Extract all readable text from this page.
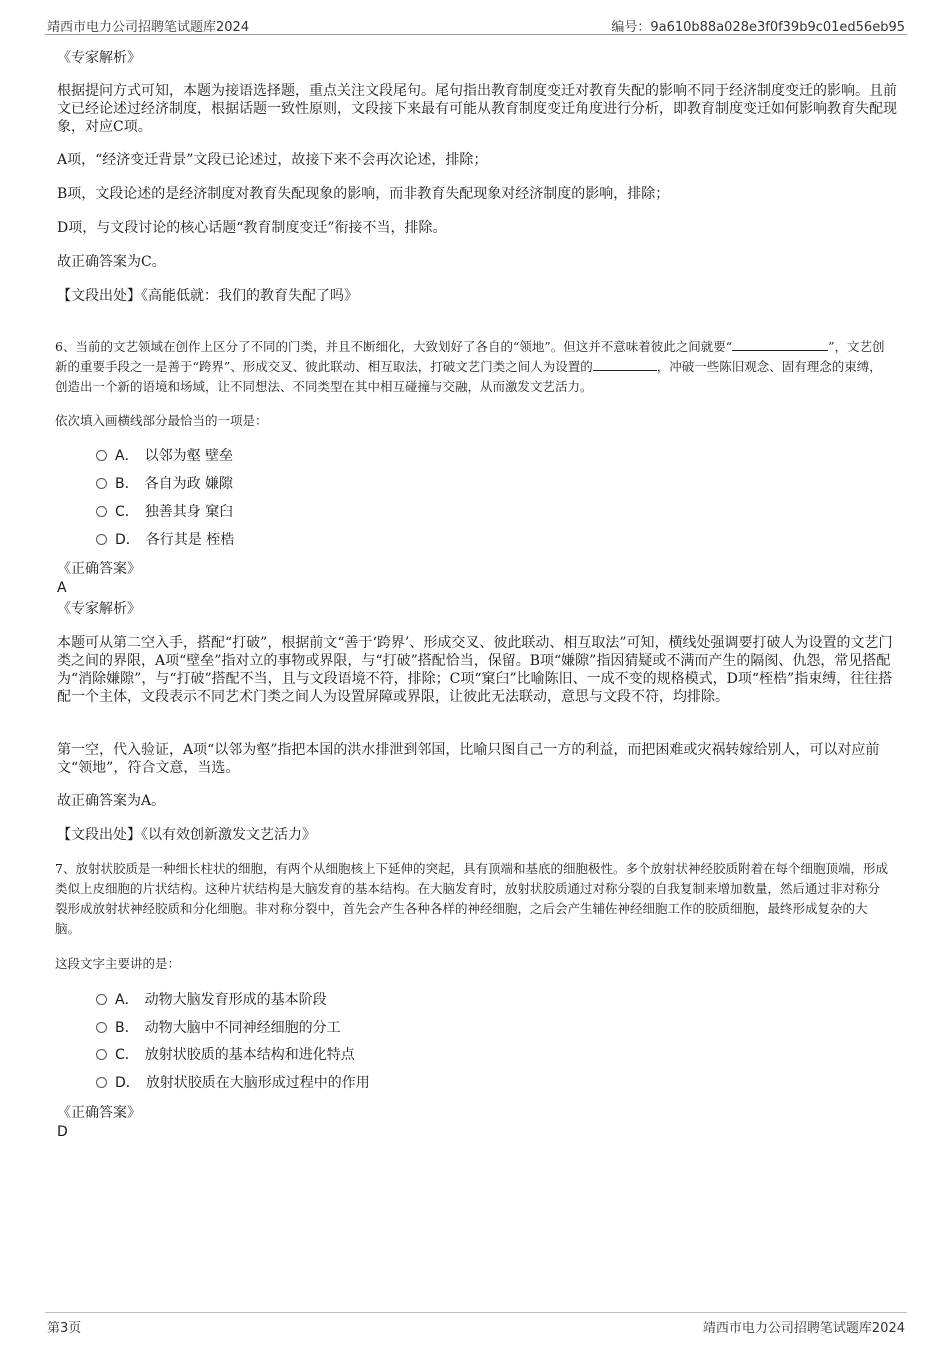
靖西市电力公司招聘笔试题库2024	编号：9a610b88a028e3f0f39b9c01ed56eb95
《专家解析》
根据提问方式可知，本题为接语选择题，重点关注文段尾句。尾句指出教育制度变迁对教育失配的影响不同于经济制度变迁的影响。且前文已经论述过经济制度，根据话题一致性原则，文段接下来最有可能从教育制度变迁角度进行分析，即教育制度变迁如何影响教育失配现象，对应C项。
A项，“经济变迁背景”文段已论述过，故接下来不会再次论述，排除；
B项，文段论述的是经济制度对教育失配现象的影响，而非教育失配现象对经济制度的影响，排除；
D项，与文段讨论的核心话题“教育制度变迁”衔接不当，排除。
故正确答案为C。
【文段出处】《高能低就：我们的教育失配了吗》
6、当前的文艺领域在创作上区分了不同的门类，并且不断细化，大致划好了各自的“领地”。但这并不意味着彼此之间就要“	”，文艺创新的重要手段之一是善于“跨界”、形成交叉、彼此联动、相互取法，打破文艺门类之间人为设置的	，冲破一些陈旧观念、固有理念的束缚，创造出一个新的语境和场域，让不同想法、不同类型在其中相互碰撞与交融，从而激发文艺活力。
依次填入画横线部分最恰当的一项是：
A． 以邻为壑 壁垒
B． 各自为政 嫌隙
C． 独善其身 窠臼
D． 各行其是 桎梏
《正确答案》
A
《专家解析》
本题可从第二空入手，搭配“打破”，根据前文“善于‘跨界’、形成交叉、彼此联动、相互取法”可知，横线处强调要打破人为设置的文艺门类之间的界限，A项“壁垒”指对立的事物或界限，与“打破”搭配恰当，保留。B项“嫌隙”指因猜疑或不满而产生的隔阂、仇怨，常见搭配为“消除嫌隙”，与“打破”搭配不当，且与文段语境不符，排除；C项“窠臼”比喻陈旧、一成不变的规格模式，D项“桎梏”指束缚，往往搭配一个主体，文段表示不同艺术门类之间人为设置屏障或界限，让彼此无法联动，意思与文段不符，均排除。
第一空，代入验证，A项“以邻为壑”指把本国的洪水排泄到邻国，比喻只图自己一方的利益，而把困难或灾祸转嫁给别人，可以对应前文“领地”，符合文意，当选。
故正确答案为A。
【文段出处】《以有效创新激发文艺活力》
7、放射状胶质是一种细长柱状的细胞，有两个从细胞核上下延伸的突起，具有顶端和基底的细胞极性。多个放射状神经胶质附着在每个细胞顶端，形成类似上皮细胞的片状结构。这种片状结构是大脑发育的基本结构。在大脑发育时，放射状胶质通过对称分裂的自我复制来增加数量，然后通过非对称分裂形成放射状神经胶质和分化细胞。非对称分裂中，首先会产生各种各样的神经细胞，之后会产生辅佐神经细胞工作的胶质细胞，最终形成复杂的大脑。
这段文字主要讲的是：
A． 动物大脑发育形成的基本阶段
B． 动物大脑中不同神经细胞的分工
C． 放射状胶质的基本结构和进化特点
D． 放射状胶质在大脑形成过程中的作用
《正确答案》
D
第3页	靖西市电力公司招聘笔试题库2024
